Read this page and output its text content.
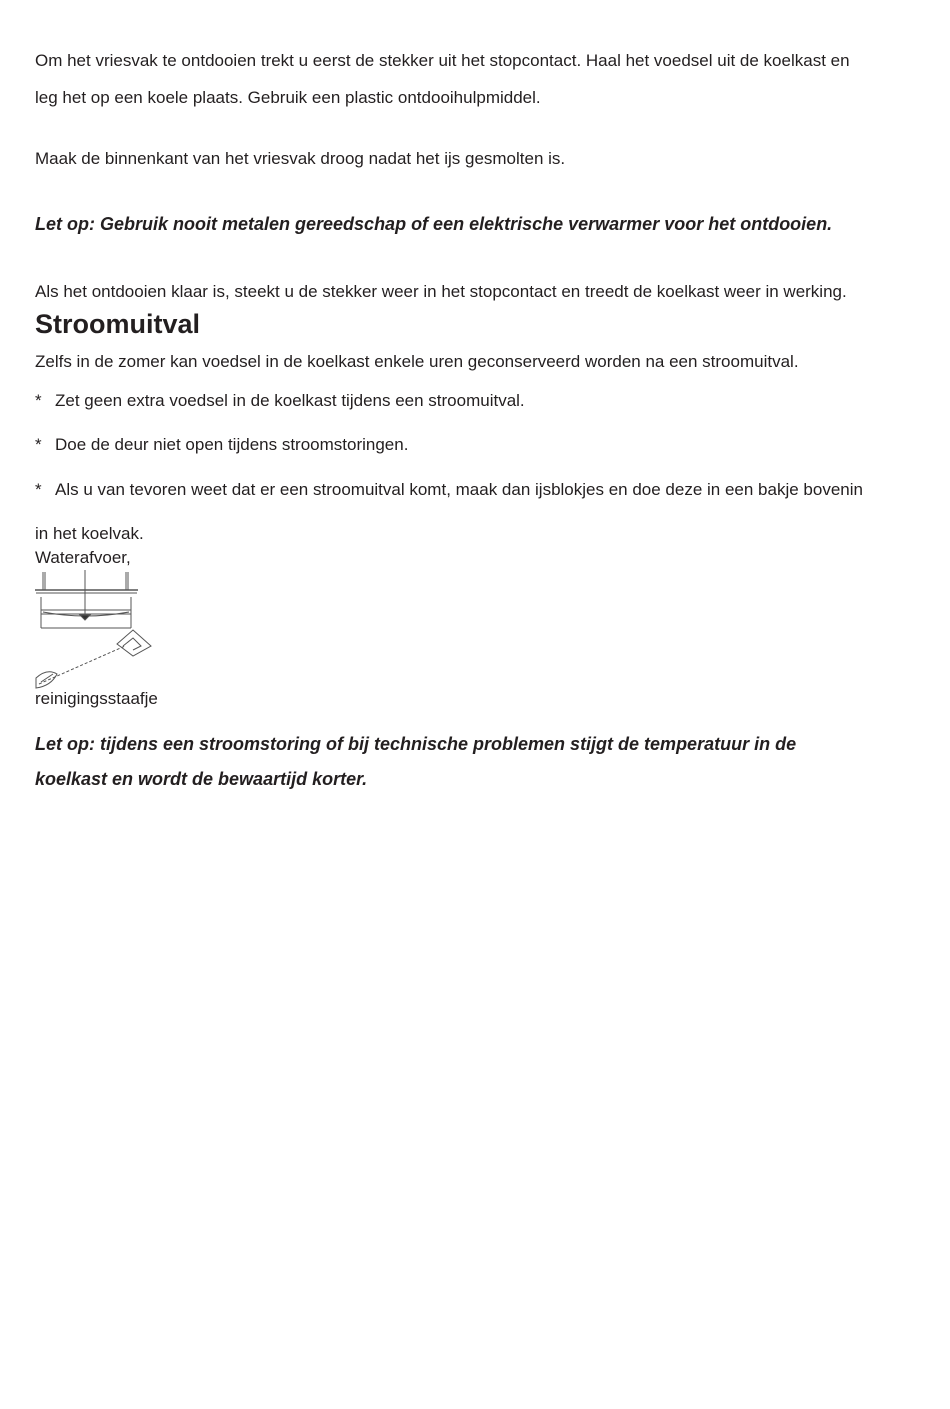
Om het vriesvak te ontdooien trekt u eerst de stekker uit het stopcontact. Haal het voedsel uit de koelkast en

leg het op een koele plaats. Gebruik een plastic ontdooihulpmiddel.

Maak de binnenkant van het vriesvak droog nadat het ijs gesmolten is.

Let op: Gebruik nooit metalen gereedschap of een elektrische verwarmer voor het ontdooien.

Als het ontdooien klaar is, steekt u de stekker weer in het stopcontact en treedt de koelkast weer in werking.

Stroomuitval

Zelfs in de zomer kan voedsel in de koelkast enkele uren geconserveerd worden na een stroomuitval.

* Zet geen extra voedsel in de koelkast tijdens een stroomuitval.

* Doe de deur niet open tijdens stroomstoringen.

* Als u van tevoren weet dat er een stroomuitval komt, maak dan ijsblokjes en doe deze in een bakje bovenin

in het koelvak.

Waterafvoer,

reinigingsstaafje

Let op: tijdens een stroomstoring of bij technische problemen stijgt de temperatuur in de

koelkast en wordt de bewaartijd korter.
